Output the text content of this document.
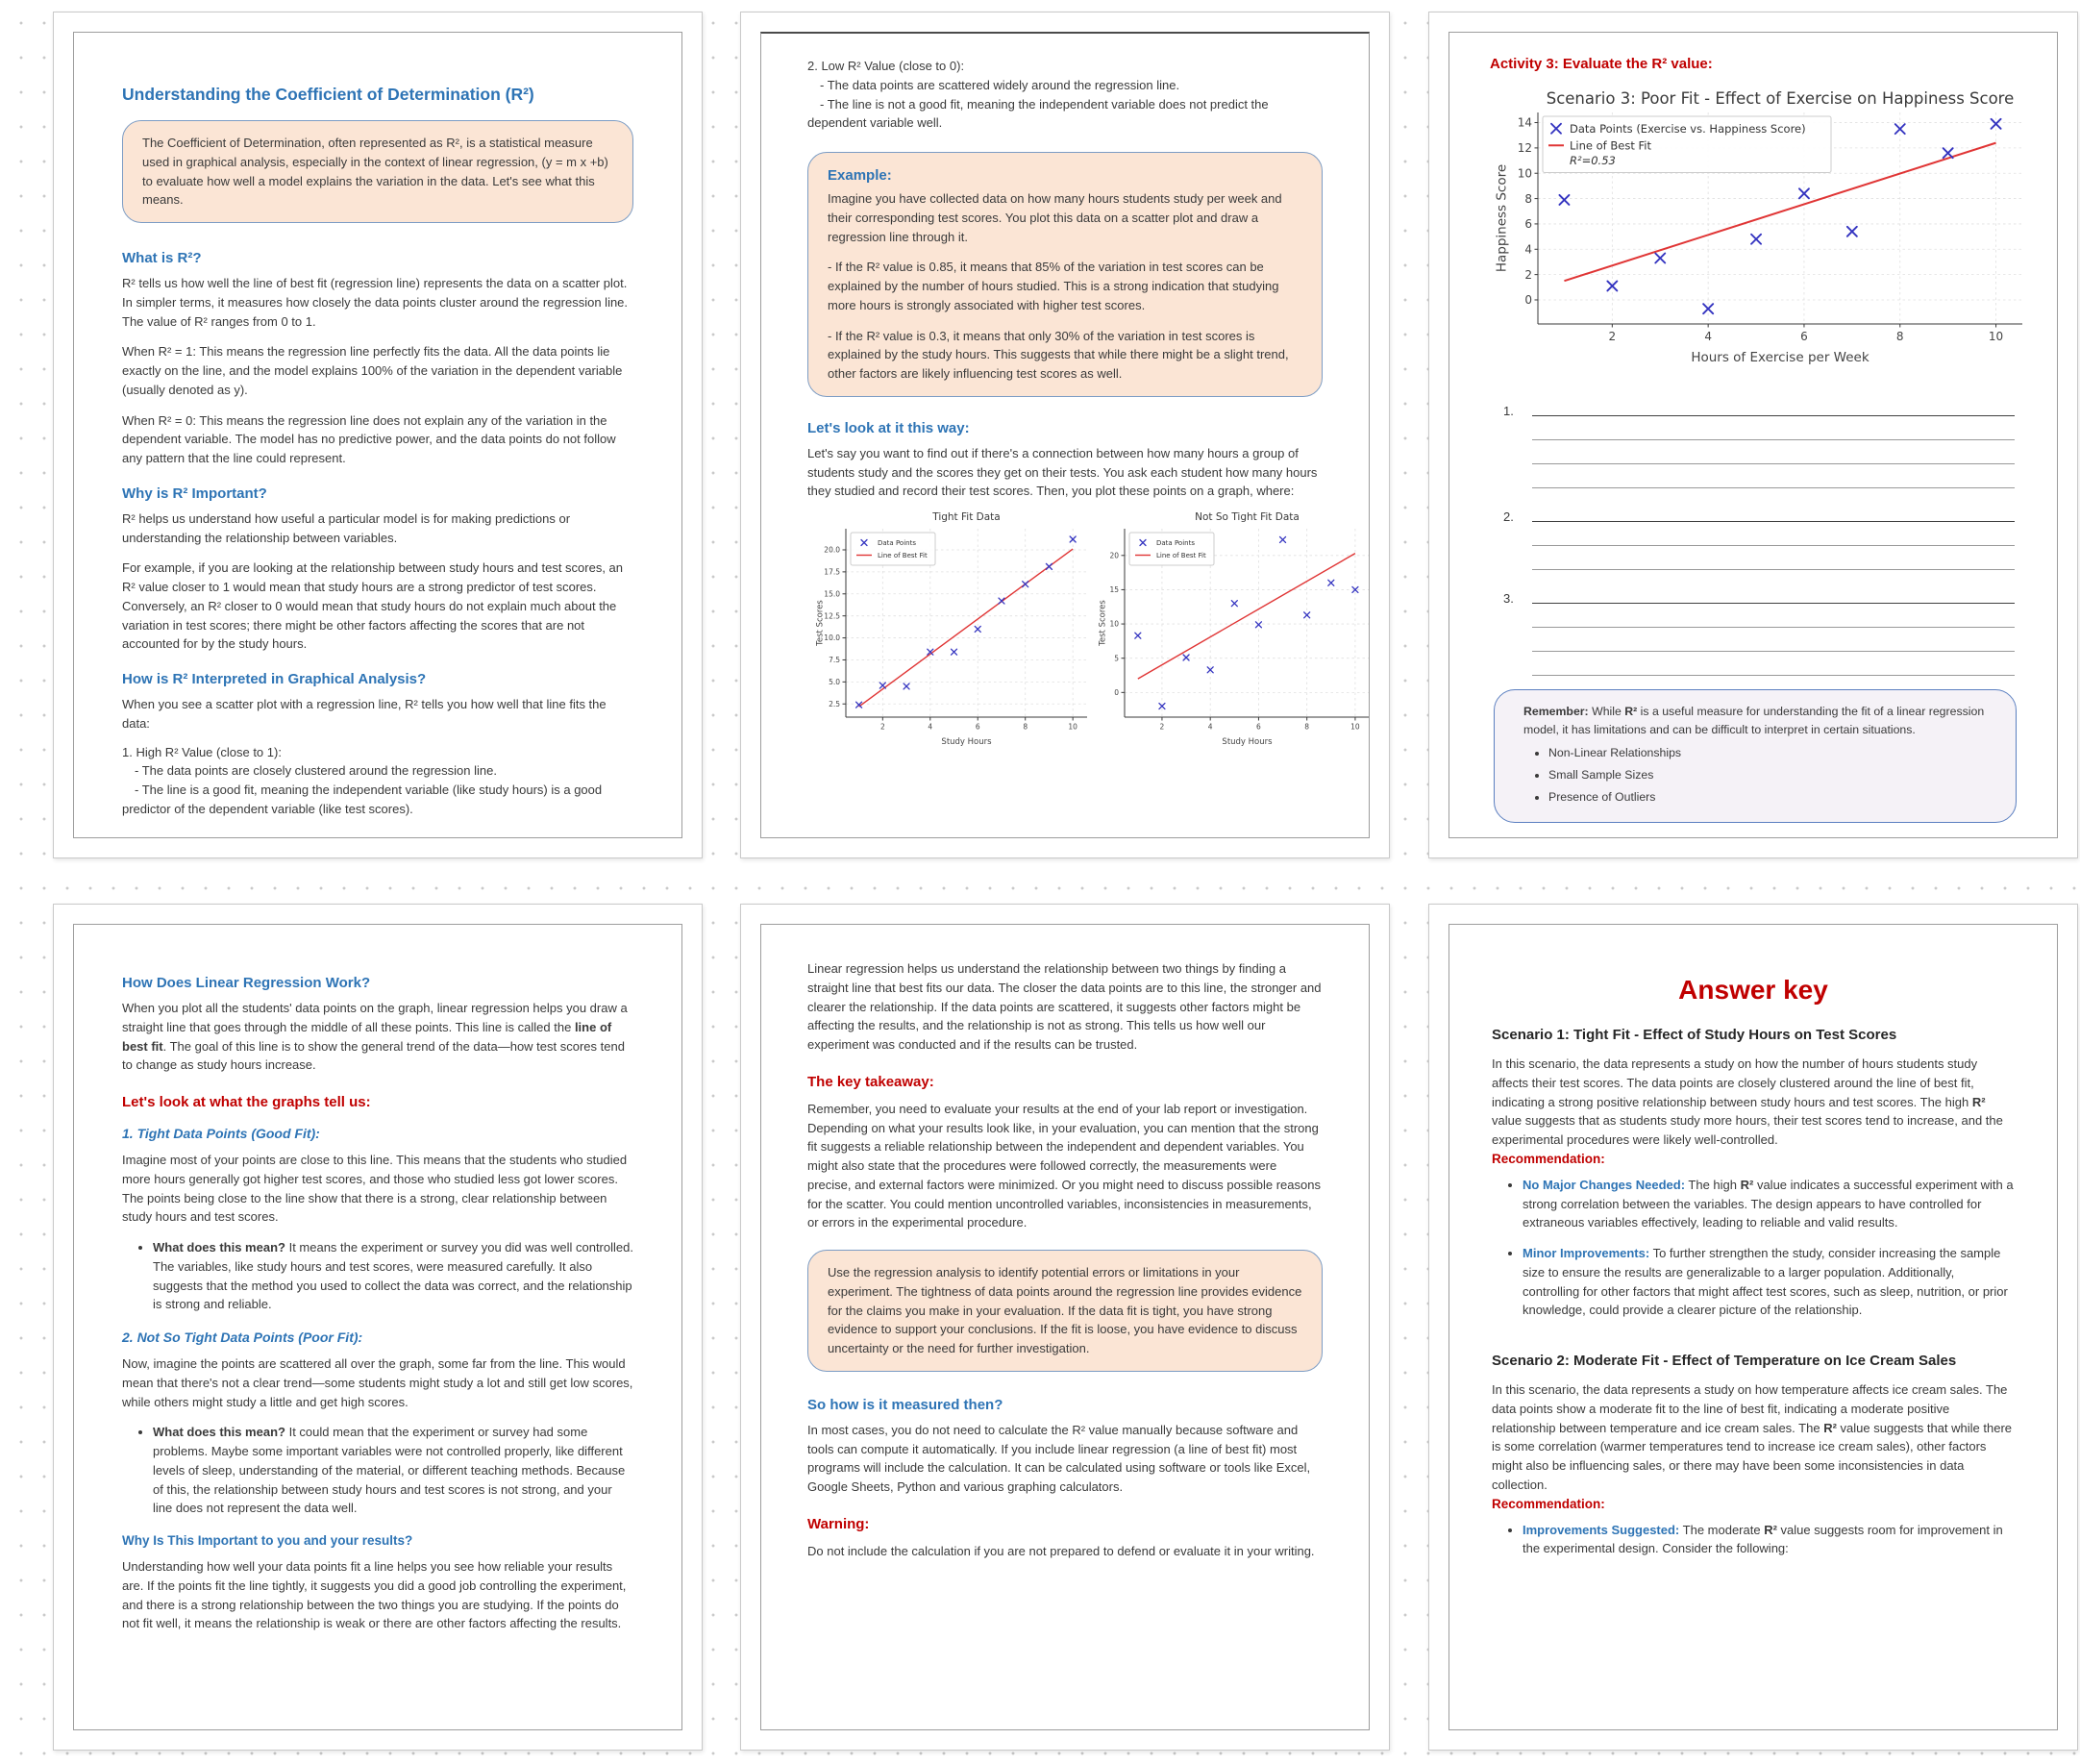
Understanding the Coefficient of Determination (R²)

The Coefficient of Determination, often represented as R², is a statistical measure used in graphical analysis, especially in the context of linear regression, (y = m x +b) to evaluate how well a model explains the variation in the data. Let's see what this means.

What is R²?

R² tells us how well the line of best fit (regression line) represents the data on a scatter plot. In simpler terms, it measures how closely the data points cluster around the regression line. The value of R² ranges from 0 to 1.

When R² = 1: This means the regression line perfectly fits the data. All the data points lie exactly on the line, and the model explains 100% of the variation in the dependent variable (usually denoted as y).

When R² = 0: This means the regression line does not explain any of the variation in the dependent variable. The model has no predictive power, and the data points do not follow any pattern that the line could represent.

Why is R² Important?

R² helps us understand how useful a particular model is for making predictions or understanding the relationship between variables.

For example, if you are looking at the relationship between study hours and test scores, an R² value closer to 1 would mean that study hours are a strong predictor of test scores. Conversely, an R² closer to 0 would mean that study hours do not explain much about the variation in test scores; there might be other factors affecting the scores that are not accounted for by the study hours.

How is R² Interpreted in Graphical Analysis?

When you see a scatter plot with a regression line, R² tells you how well that line fits the data:

1. High R² Value (close to 1):

- The data points are closely clustered around the regression line.

- The line is a good fit, meaning the independent variable (like study hours) is a good predictor of the dependent variable (like test scores).

2. Low R² Value (close to 0):

- The data points are scattered widely around the regression line.

- The line is not a good fit, meaning the independent variable does not predict the dependent variable well.

Example:

Imagine you have collected data on how many hours students study per week and their corresponding test scores. You plot this data on a scatter plot and draw a regression line through it.

- If the R² value is 0.85, it means that 85% of the variation in test scores can be explained by the number of hours studied. This is a strong indication that studying more hours is strongly associated with higher test scores.

- If the R² value is 0.3, it means that only 30% of the variation in test scores is explained by the study hours. This suggests that while there might be a slight trend, other factors are likely influencing test scores as well.

Let's look at it this way:

Let's say you want to find out if there's a connection between how many hours a group of students study and the scores they get on their tests. You ask each student how many hours they studied and record their test scores. Then, you plot these points on a graph, where:

2	4	6	8	10
2.5
5.0
7.5
10.0
12.5
15.0
17.5
20.0
Tight Fit Data
Study Hours
Test Scores
Data Points
Line of Best Fit
2	4	6	8	10
0
5
10
15
20
Not So Tight Fit Data
Study Hours
Test Scores
Data Points
Line of Best Fit
Activity 3: Evaluate the R² value:
2	4	6	8	10
0
2
4
6
8
10
12
14
Scenario 3: Poor Fit - Effect of Exercise on Happiness Score
Hours of Exercise per Week
Happiness Score
Data Points (Exercise vs. Happiness Score)
Line of Best Fit
R²=0.53
1.
2.
3.
Remember: While R² is a useful measure for understanding the fit of a linear regression model, it has limitations and can be difficult to interpret in certain situations.
• Non-Linear Relationships
• Small Sample Sizes
• Presence of Outliers
How Does Linear Regression Work?

When you plot all the students' data points on the graph, linear regression helps you draw a straight line that goes through the middle of all these points. This line is called the line of best fit. The goal of this line is to show the general trend of the data—how test scores tend to change as study hours increase.

Let's look at what the graphs tell us:
1. Tight Data Points (Good Fit):

Imagine most of your points are close to this line. This means that the students who studied more hours generally got higher test scores, and those who studied less got lower scores. The points being close to the line show that there is a strong, clear relationship between study hours and test scores.

• What does this mean? It means the experiment or survey you did was well controlled. The variables, like study hours and test scores, were measured carefully. It also suggests that the method you used to collect the data was correct, and the relationship is strong and reliable.
2. Not So Tight Data Points (Poor Fit):

Now, imagine the points are scattered all over the graph, some far from the line. This would mean that there's not a clear trend—some students might study a lot and still get low scores, while others might study a little and get high scores.

• What does this mean? It could mean that the experiment or survey had some problems. Maybe some important variables were not controlled properly, like different levels of sleep, understanding of the material, or different teaching methods. Because of this, the relationship between study hours and test scores is not strong, and your line does not represent the data well.
Why Is This Important to you and your results?

Understanding how well your data points fit a line helps you see how reliable your results are. If the points fit the line tightly, it suggests you did a good job controlling the experiment, and there is a strong relationship between the two things you are studying. If the points do not fit well, it means the relationship is weak or there are other factors affecting the results.

Linear regression helps us understand the relationship between two things by finding a straight line that best fits our data. The closer the data points are to this line, the stronger and clearer the relationship. If the data points are scattered, it suggests other factors might be affecting the results, and the relationship is not as strong. This tells us how well our experiment was conducted and if the results can be trusted.

The key takeaway:

Remember, you need to evaluate your results at the end of your lab report or investigation. Depending on what your results look like, in your evaluation, you can mention that the strong fit suggests a reliable relationship between the independent and dependent variables. You might also state that the procedures were followed correctly, the measurements were precise, and external factors were minimized. Or you might need to discuss possible reasons for the scatter. You could mention uncontrolled variables, inconsistencies in measurements, or errors in the experimental procedure.

Use the regression analysis to identify potential errors or limitations in your experiment. The tightness of data points around the regression line provides evidence for the claims you make in your evaluation. If the data fit is tight, you have strong evidence to support your conclusions. If the fit is loose, you have evidence to discuss uncertainty or the need for further investigation.

So how is it measured then?

In most cases, you do not need to calculate the R² value manually because software and tools can compute it automatically. If you include linear regression (a line of best fit) most programs will include the calculation. It can be calculated using software or tools like Excel, Google Sheets, Python and various graphing calculators.

Warning:

Do not include the calculation if you are not prepared to defend or evaluate it in your writing.

Answer key
Scenario 1: Tight Fit - Effect of Study Hours on Test Scores

In this scenario, the data represents a study on how the number of hours students study affects their test scores. The data points are closely clustered around the line of best fit, indicating a strong positive relationship between study hours and test scores. The high R² value suggests that as students study more hours, their test scores tend to increase, and the experimental procedures were likely well-controlled.

Recommendation:
• No Major Changes Needed: The high R² value indicates a successful experiment with a strong correlation between the variables. The design appears to have controlled for extraneous variables effectively, leading to reliable and valid results.
• Minor Improvements: To further strengthen the study, consider increasing the sample size to ensure the results are generalizable to a larger population. Additionally, controlling for other factors that might affect test scores, such as sleep, nutrition, or prior knowledge, could provide a clearer picture of the relationship.
Scenario 2: Moderate Fit - Effect of Temperature on Ice Cream Sales

In this scenario, the data represents a study on how temperature affects ice cream sales. The data points show a moderate fit to the line of best fit, indicating a moderate positive relationship between temperature and ice cream sales. The R² value suggests that while there is some correlation (warmer temperatures tend to increase ice cream sales), other factors might also be influencing sales, or there may have been some inconsistencies in data collection.

Recommendation:
• Improvements Suggested: The moderate R² value suggests room for improvement in the experimental design. Consider the following:
